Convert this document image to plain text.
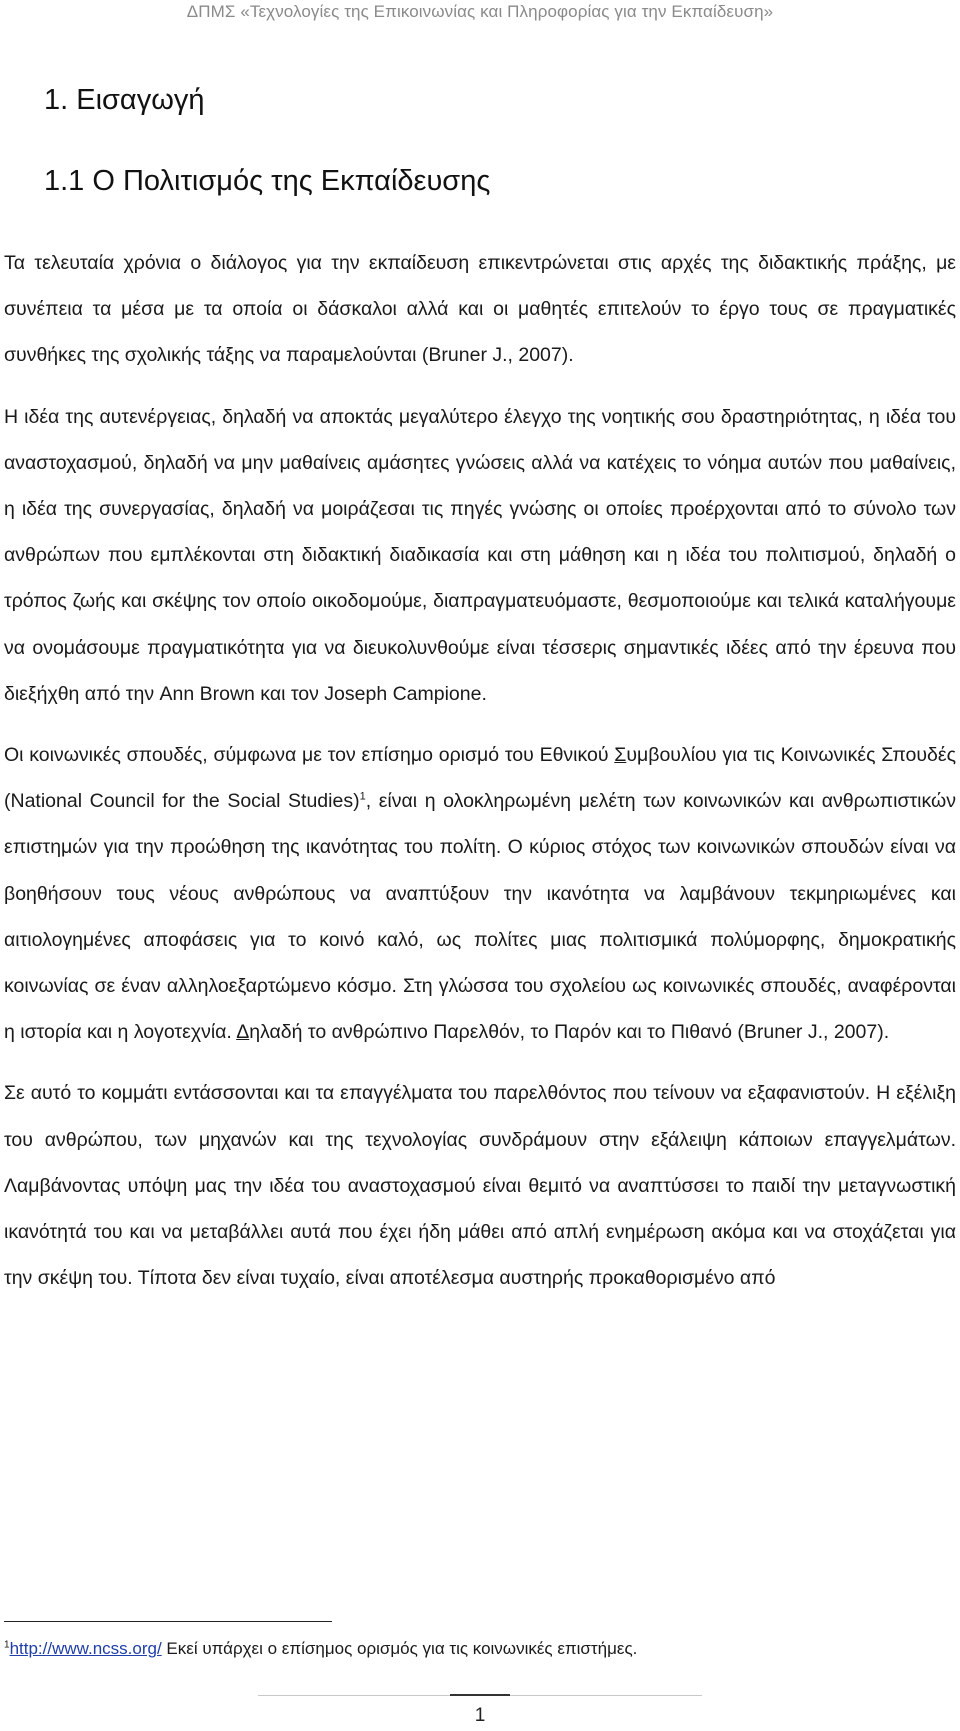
ΔΠΜΣ «Τεχνολογίες της Επικοινωνίας και Πληροφορίας για την Εκπαίδευση»
1. Εισαγωγή
1.1 Ο Πολιτισμός της Εκπαίδευσης

Τα τελευταία χρόνια ο διάλογος για την εκπαίδευση επικεντρώνεται στις αρχές της διδακτικής πράξης, με συνέπεια τα μέσα με τα οποία οι δάσκαλοι αλλά και οι μαθητές επιτελούν το έργο τους σε πραγματικές συνθήκες της σχολικής τάξης να παραμελούνται (Bruner J., 2007).

Η ιδέα της αυτενέργειας, δηλαδή να αποκτάς μεγαλύτερο έλεγχο της νοητικής σου δραστηριότητας, η ιδέα του αναστοχασμού, δηλαδή να μην μαθαίνεις αμάσητες γνώσεις αλλά να κατέχεις το νόημα αυτών που μαθαίνεις, η ιδέα της συνεργασίας, δηλαδή να μοιράζεσαι τις πηγές γνώσης οι οποίες προέρχονται από το σύνολο των ανθρώπων που εμπλέκονται στη διδακτική διαδικασία και στη μάθηση και η ιδέα του πολιτισμού, δηλαδή ο τρόπος ζωής και σκέψης τον οποίο οικοδομούμε, διαπραγματευόμαστε, θεσμοποιούμε και τελικά καταλήγουμε να ονομάσουμε πραγματικότητα για να διευκολυνθούμε είναι τέσσερις σημαντικές ιδέες από την έρευνα που διεξήχθη από την Ann Brown και τον Joseph Campione.

Οι κοινωνικές σπουδές, σύμφωνα με τον επίσημο ορισμό του Εθνικού Συμβουλίου για τις Κοινωνικές Σπουδές (National Council for the Social Studies)$^1$, είναι η ολοκληρωμένη μελέτη των κοινωνικών και ανθρωπιστικών επιστημών για την προώθηση της ικανότητας του πολίτη. Ο κύριος στόχος των κοινωνικών σπουδών είναι να βοηθήσουν τους νέους ανθρώπους να αναπτύξουν την ικανότητα να λαμβάνουν τεκμηριωμένες και αιτιολογημένες αποφάσεις για το κοινό καλό, ως πολίτες μιας πολιτισμικά πολύμορφης, δημοκρατικής κοινωνίας σε έναν αλληλοεξαρτώμενο κόσμο. Στη γλώσσα του σχολείου ως κοινωνικές σπουδές, αναφέρονται η ιστορία και η λογοτεχνία. Δηλαδή το ανθρώπινο Παρελθόν, το Παρόν και το Πιθανό (Bruner J., 2007).

Σε αυτό το κομμάτι εντάσσονται και τα επαγγέλματα του παρελθόντος που τείνουν να εξαφανιστούν. Η εξέλιξη του ανθρώπου, των μηχανών και της τεχνολογίας συνδράμουν στην εξάλειψη κάποιων επαγγελμάτων. Λαμβάνοντας υπόψη μας την ιδέα του αναστοχασμού είναι θεμιτό να αναπτύσσει το παιδί την μεταγνωστική ικανότητά του και να μεταβάλλει αυτά που έχει ήδη μάθει από απλή ενημέρωση ακόμα και να στοχάζεται για την σκέψη του. Τίποτα δεν είναι τυχαίο, είναι αποτέλεσμα αυστηρής προκαθορισμένο από

$^1$http://www.ncss.org/ Εκεί υπάρχει ο επίσημος ορισμός για τις κοινωνικές επιστήμες.
1
